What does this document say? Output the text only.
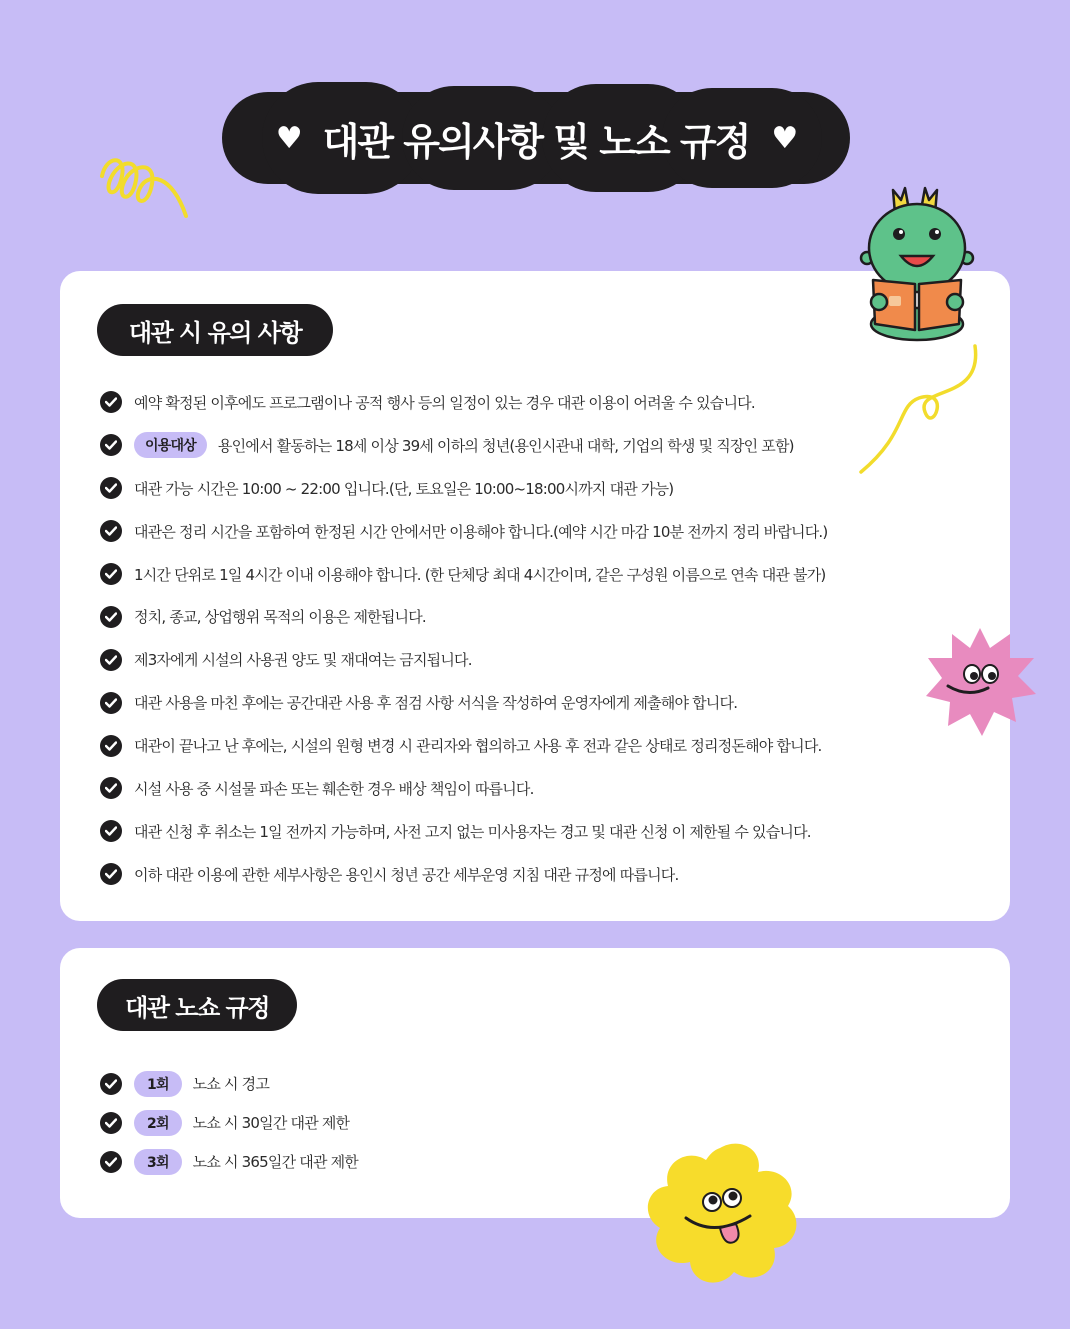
♥ 대관 유의사항 및 노소 규정 ♥
대관 시 유의 사항
예약 확정된 이후에도 프로그램이나 공적 행사 등의 일정이 있는 경우 대관 이용이 어려울 수 있습니다.
이용대상	용인에서 활동하는 18세 이상 39세 이하의 청년(용인시관내 대학, 기업의 학생 및 직장인 포함)
대관 가능 시간은 10:00 ~ 22:00 입니다.(단, 토요일은 10:00~18:00시까지 대관 가능)
대관은 정리 시간을 포함하여 한정된 시간 안에서만 이용해야 합니다.(예약 시간 마감 10분 전까지 정리 바랍니다.)
1시간 단위로 1일 4시간 이내 이용해야 합니다. (한 단체당 최대 4시간이며, 같은 구성원 이름으로 연속 대관 불가)
정치, 종교, 상업행위 목적의 이용은 제한됩니다.
제3자에게 시설의 사용권 양도 및 재대여는 금지됩니다.
대관 사용을 마친 후에는 공간대관 사용 후 점검 사항 서식을 작성하여 운영자에게 제출해야 합니다.
대관이 끝나고 난 후에는, 시설의 원형 변경 시 관리자와 협의하고 사용 후 전과 같은 상태로 정리정돈해야 합니다.
시설 사용 중 시설물 파손 또는 훼손한 경우 배상 책임이 따릅니다.
대관 신청 후 취소는 1일 전까지 가능하며, 사전 고지 없는 미사용자는 경고 및 대관 신청 이 제한될 수 있습니다.
이하 대관 이용에 관한 세부사항은 용인시 청년 공간 세부운영 지침 대관 규정에 따릅니다.
대관 노쇼 규정
1회	노쇼 시 경고
2회	노쇼 시 30일간 대관 제한
3회	노쇼 시 365일간 대관 제한
